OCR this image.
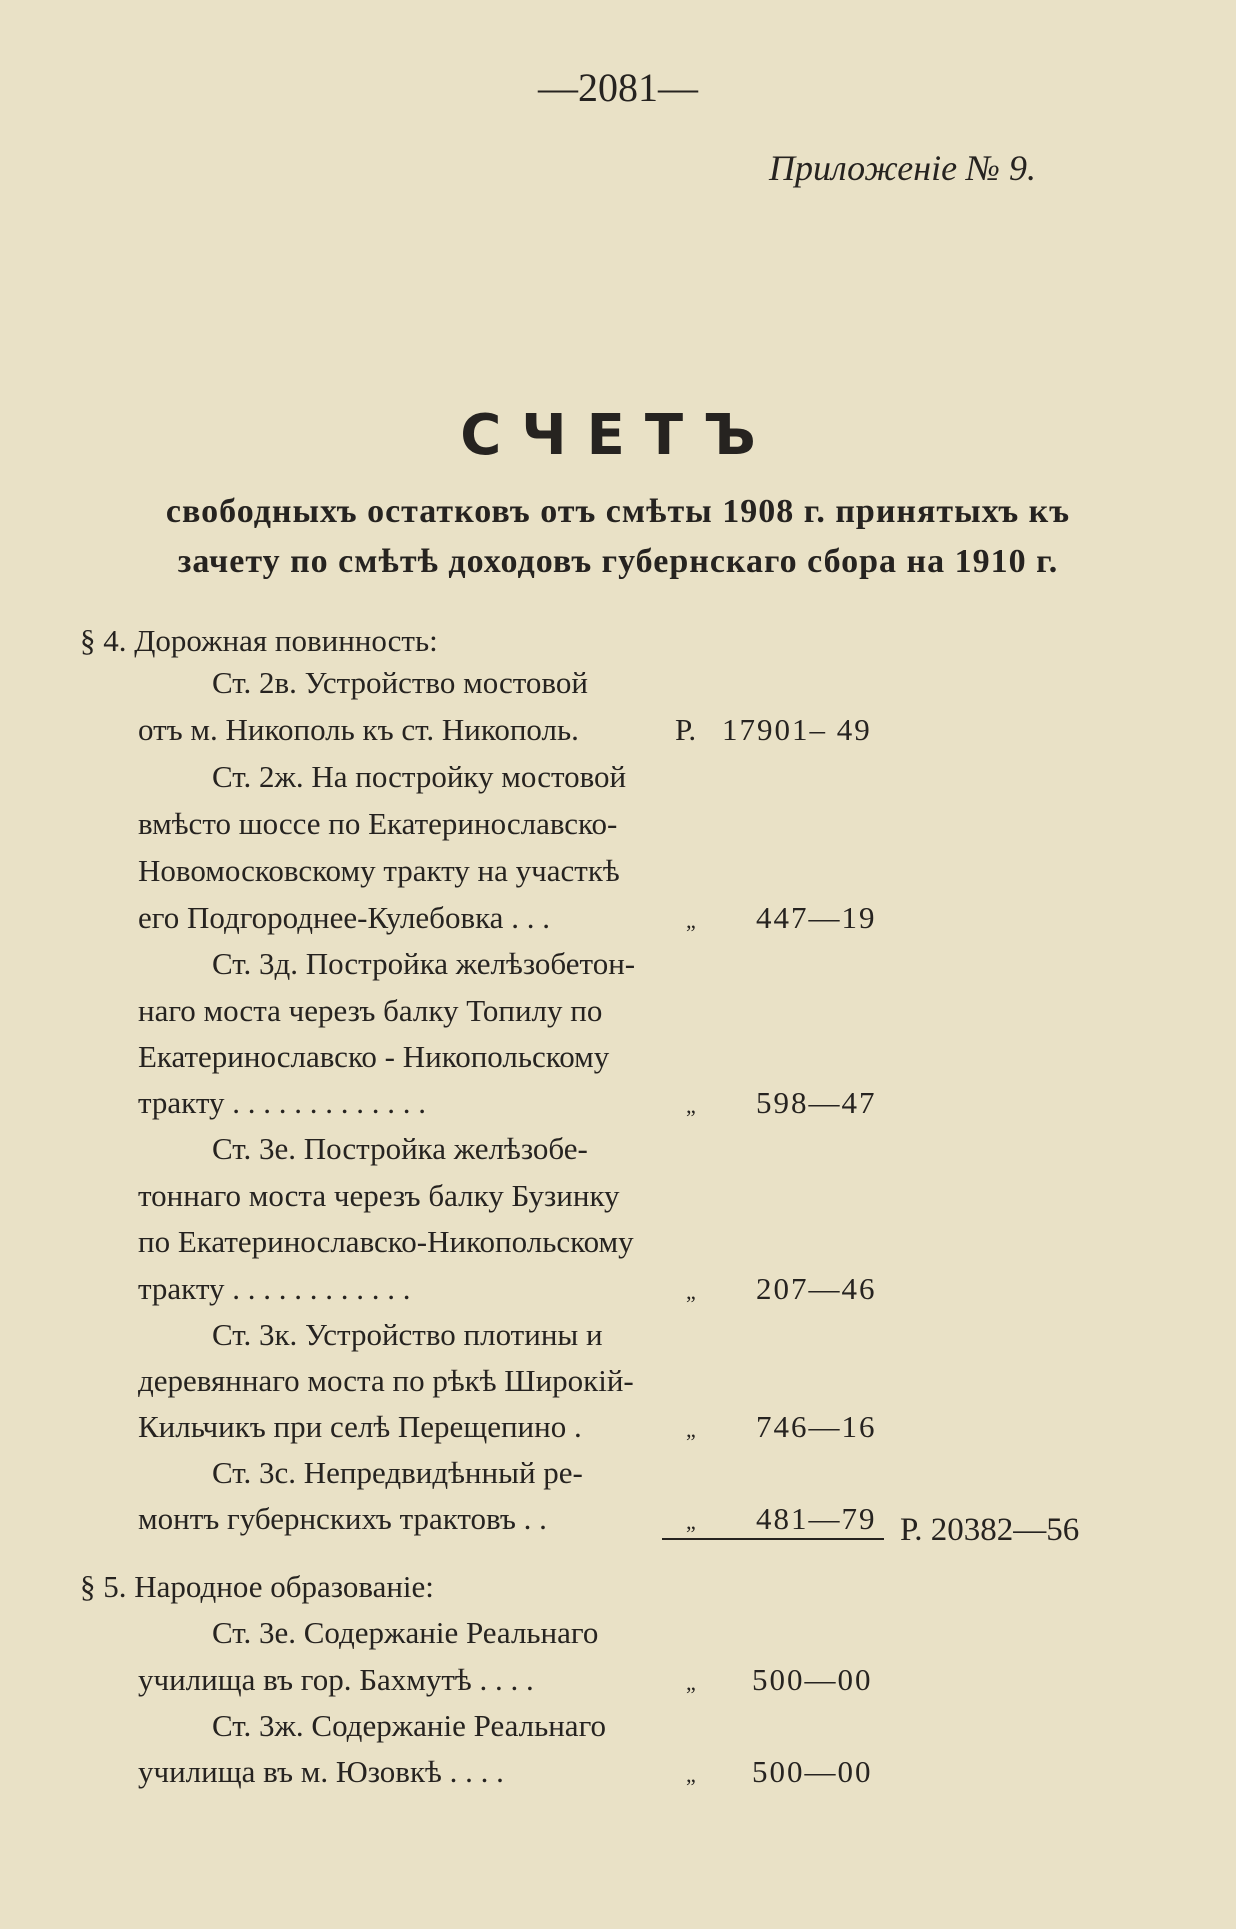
—2081—
Приложеніе № 9.
СЧЕТЪ
свободныхъ остатковъ отъ смѣты 1908 г. принятыхъ къ
зачету по смѣтѣ доходовъ губернскаго сбора на 1910 г.
§ 4. Дорожная повинность:
Ст. 2в. Устройство мостовой
отъ м. Никополь къ ст. Никополь.	Р. 17901‒ 49
Ст. 2ж. На постройку мостовой
вмѣсто шоссе по Екатеринославско-
Новомосковскому тракту на участкѣ
его Подгороднее-Кулебовка . . .	„ 447—19
Ст. 3д. Постройка желѣзобетон-
наго моста черезъ балку Топилу по
Екатеринославско - Никопольскому
тракту . . . . . . . . . . . . .	„ 598—47
Ст. 3е. Постройка желѣзобе-
тоннаго моста черезъ балку Бузинку
по Екатеринославско-Никопольскому
тракту . . . . . . . . . . . .	„ 207—46
Ст. 3к. Устройство плотины и
деревяннаго моста по рѣкѣ Широкій-
Кильчикъ при селѣ Перещепино .	„ 746—16
Ст. 3с. Непредвидѣнный ре-
монтъ губернскихъ трактовъ . .	„ 481—79 Р. 20382—56
§ 5. Народное образованіе:
Ст. 3е. Содержаніе Реальнаго
училища въ гор. Бахмутѣ . . . .	„ 500—00
Ст. 3ж. Содержаніе Реальнаго
училища въ м. Юзовкѣ . . . .	„ 500—00
